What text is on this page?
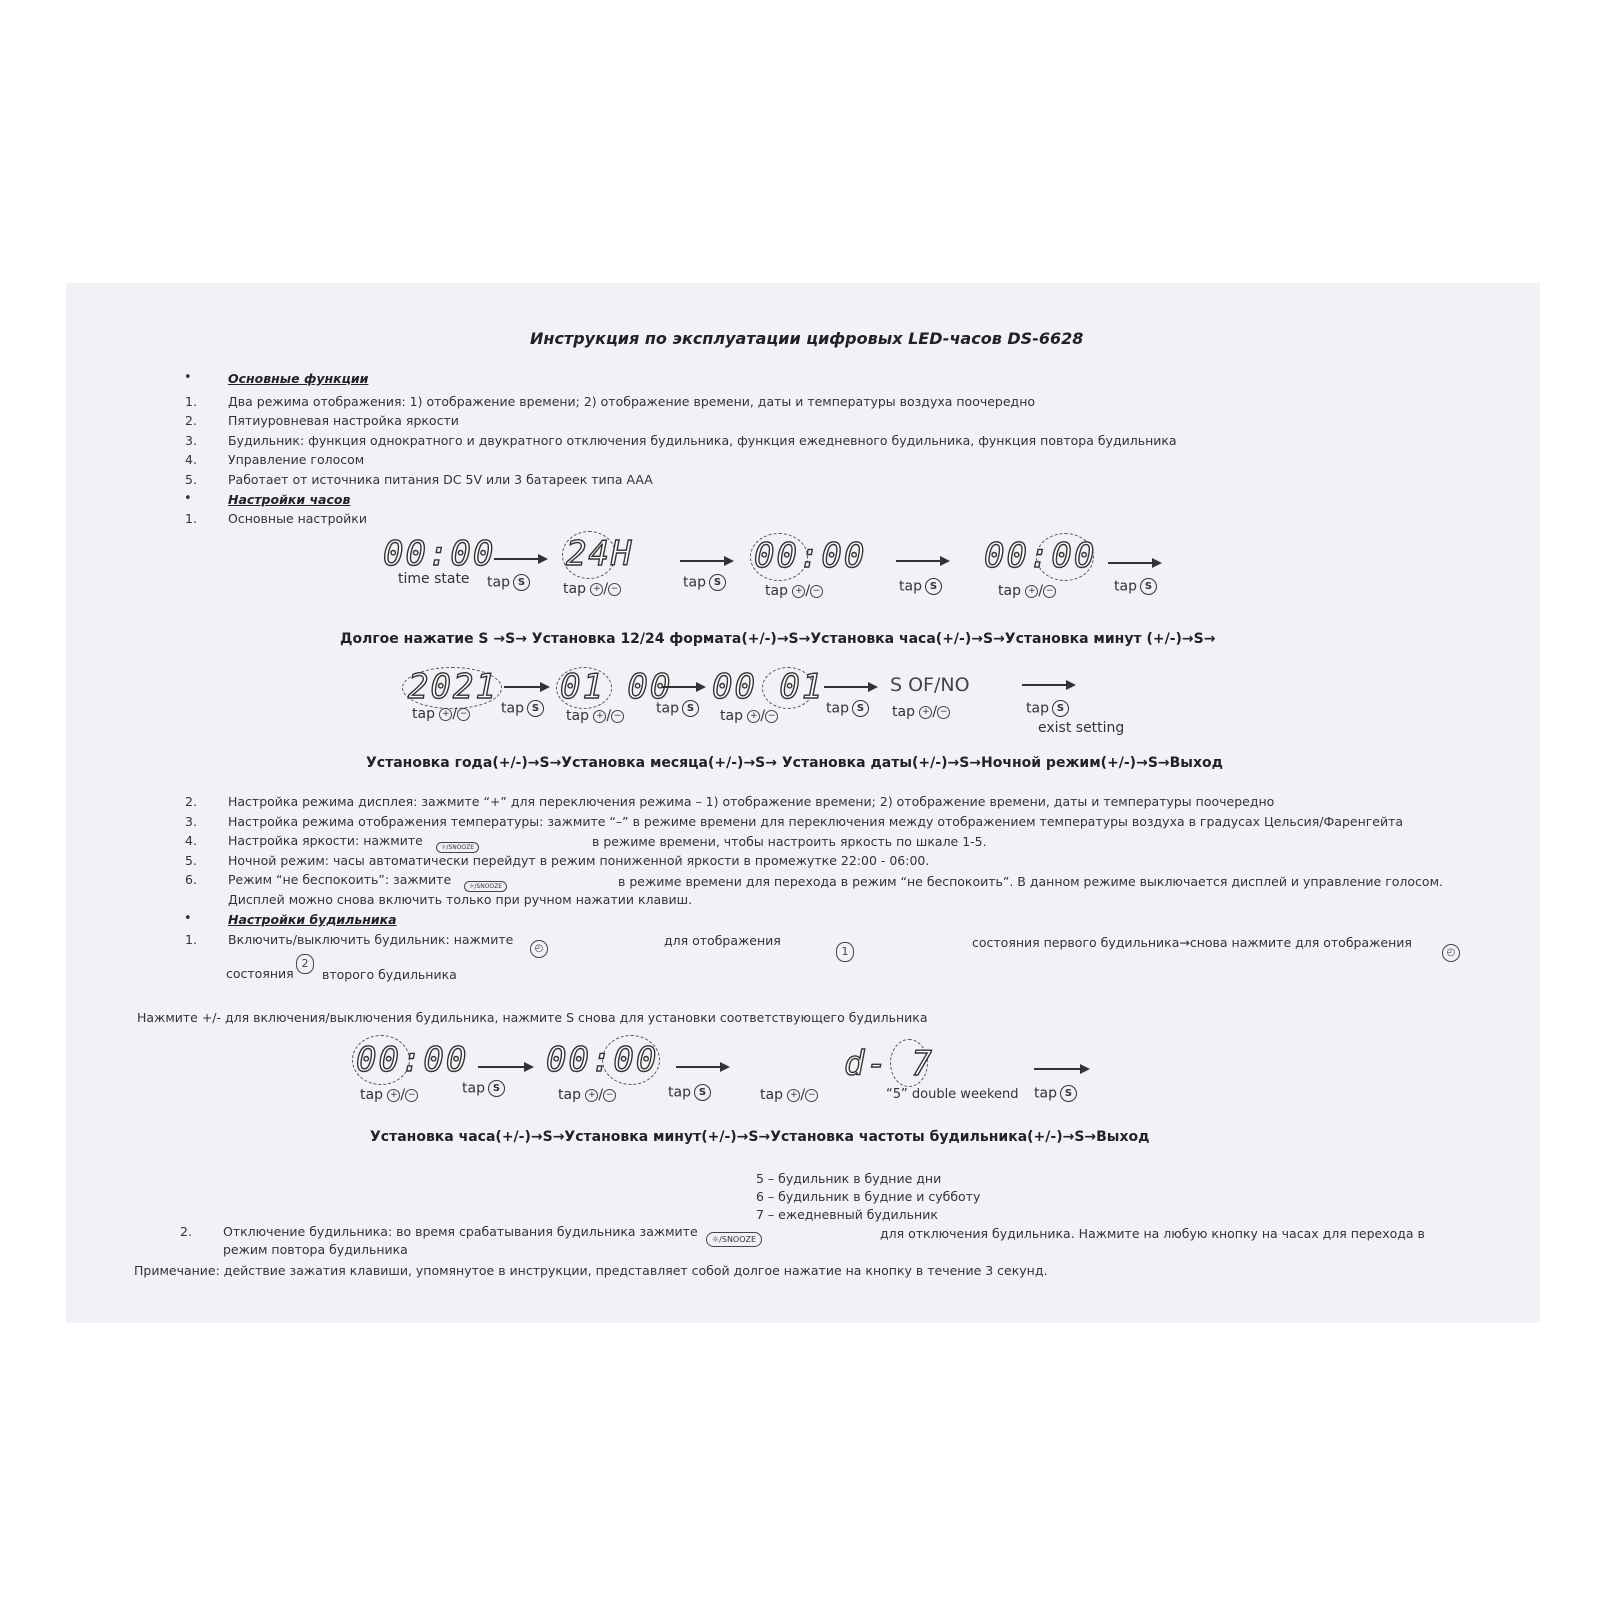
Инструкция по эксплуатации цифровых LED-часов DS-6628
•	Основные функции
1. Два режима отображения: 1) отображение времени; 2) отображение времени, даты и температуры воздуха поочередно
2. Пятиуровневая настройка яркости
3. Будильник: функция однократного и двукратного отключения будильника, функция ежедневного будильника, функция повтора будильника
4. Управление голосом
5. Работает от источника питания DC 5V или 3 батареек типа AAA
•	Настройки часов
1. Основные настройки
00:00
time state tap S
24H
tap + / −	tap S
00:00
tap + / −	tap S
00:00
tap + / −	tap S
Долгое нажатие S →S→ Установка 12/24 формата(+/-)→S→Установка часа(+/-)→S→Установка минут (+/-)→S→
2021
tap + / − tap S
01 00
tap + / − tap S
00 01
tap + / −	tap S
S OF/NO
tap + / −	tap S
exist setting
Установка года(+/-)→S→Установка месяца(+/-)→S→ Установка даты(+/-)→S→Ночной режим(+/-)→S→Выход
2. Настройка режима дисплея: зажмите “+” для переключения режима – 1) отображение времени; 2) отображение времени, даты и температуры поочередно
3. Настройка режима отображения температуры: зажмите “–” в режиме времени для переключения между отображением температуры воздуха в градусах Цельсия/Фаренгейта
4. Настройка яркости: нажмите	☼/SNOOZE	в режиме времени, чтобы настроить яркость по шкале 1-5.
5. Ночной режим: часы автоматически перейдут в режим пониженной яркости в промежутке 22:00 - 06:00.
6. Режим “не беспокоить”: зажмите	☼/SNOOZE	в режиме времени для перехода в режим “не беспокоить”. В данном режиме выключается дисплей и управление голосом.
Дисплей можно снова включить только при ручном нажатии клавиш.
•	Настройки будильника
1. Включить/выключить будильник: нажмите
◴
для отображения
1
состояния первого будильника→снова нажмите для отображения
◴
состояния
2
второго будильника
Нажмите +/- для включения/выключения будильника, нажмите S снова для установки соответствующего будильника
00:00
tap + / −	tap S
00:00
tap + / −	tap S
d- 7
tap + / −	“5” double weekend tap S
Установка часа(+/-)→S→Установка минут(+/-)→S→Установка частоты будильника(+/-)→S→Выход
5 – будильник в будние дни
6 – будильник в будние и субботу
7 – ежедневный будильник
2. Отключение будильника: во время срабатывания будильника зажмите
☼/SNOOZE	для отключения будильника. Нажмите на любую кнопку на часах для перехода в
режим повтора будильника
Примечание: действие зажатия клавиши, упомянутое в инструкции, представляет собой долгое нажатие на кнопку в течение 3 секунд.
